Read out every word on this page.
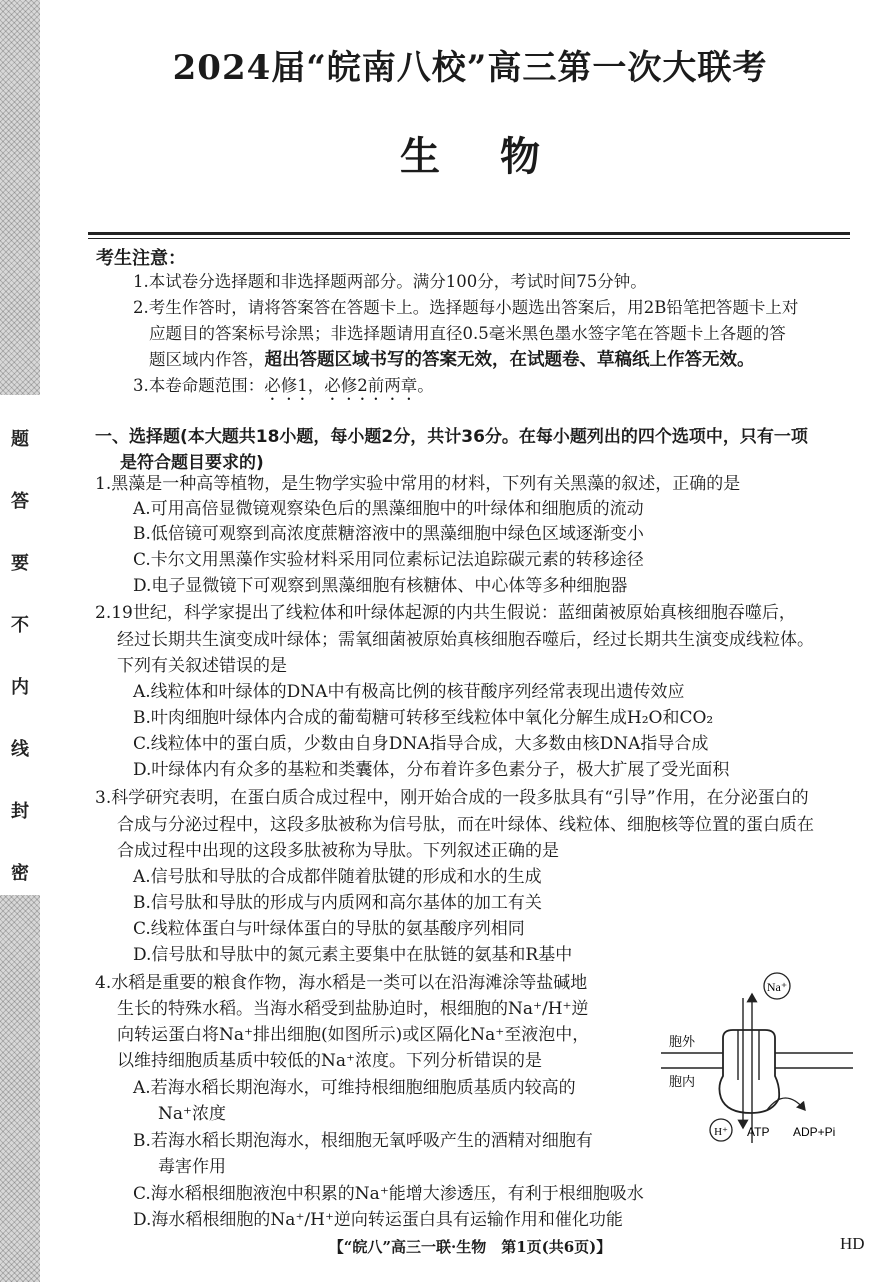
题
答
要
不
内
线
封
密
2024届“皖南八校”高三第一次大联考
生物
考生注意：
1.本试卷分选择题和非选择题两部分。满分100分，考试时间75分钟。
2.考生作答时，请将答案答在答题卡上。选择题每小题选出答案后，用2B铅笔把答题卡上对
应题目的答案标号涂黑；非选择题请用直径0.5毫米黑色墨水签字笔在答题卡上各题的答
题区域内作答，超出答题区域书写的答案无效，在试题卷、草稿纸上作答无效。
3.本卷命题范围：必修1，必修2前两章。
一、选择题(本大题共18小题，每小题2分，共计36分。在每小题列出的四个选项中，只有一项
是符合题目要求的)
1.黑藻是一种高等植物，是生物学实验中常用的材料，下列有关黑藻的叙述，正确的是
A.可用高倍显微镜观察染色后的黑藻细胞中的叶绿体和细胞质的流动
B.低倍镜可观察到高浓度蔗糖溶液中的黑藻细胞中绿色区域逐渐变小
C.卡尔文用黑藻作实验材料采用同位素标记法追踪碳元素的转移途径
D.电子显微镜下可观察到黑藻细胞有核糖体、中心体等多种细胞器
2.19世纪，科学家提出了线粒体和叶绿体起源的内共生假说：蓝细菌被原始真核细胞吞噬后，
经过长期共生演变成叶绿体；需氧细菌被原始真核细胞吞噬后，经过长期共生演变成线粒体。
下列有关叙述错误的是
A.线粒体和叶绿体的DNA中有极高比例的核苷酸序列经常表现出遗传效应
B.叶肉细胞叶绿体内合成的葡萄糖可转移至线粒体中氧化分解生成H₂O和CO₂
C.线粒体中的蛋白质，少数由自身DNA指导合成，大多数由核DNA指导合成
D.叶绿体内有众多的基粒和类囊体，分布着许多色素分子，极大扩展了受光面积
3.科学研究表明，在蛋白质合成过程中，刚开始合成的一段多肽具有“引导”作用，在分泌蛋白的
合成与分泌过程中，这段多肽被称为信号肽，而在叶绿体、线粒体、细胞核等位置的蛋白质在
合成过程中出现的这段多肽被称为导肽。下列叙述正确的是
A.信号肽和导肽的合成都伴随着肽键的形成和水的生成
B.信号肽和导肽的形成与内质网和高尔基体的加工有关
C.线粒体蛋白与叶绿体蛋白的导肽的氨基酸序列相同
D.信号肽和导肽中的氮元素主要集中在肽链的氨基和R基中
4.水稻是重要的粮食作物，海水稻是一类可以在沿海滩涂等盐碱地
生长的特殊水稻。当海水稻受到盐胁迫时，根细胞的Na⁺/H⁺逆
向转运蛋白将Na⁺排出细胞(如图所示)或区隔化Na⁺至液泡中，
以维持细胞质基质中较低的Na⁺浓度。下列分析错误的是
A.若海水稻长期泡海水，可维持根细胞细胞质基质内较高的
Na⁺浓度
B.若海水稻长期泡海水，根细胞无氧呼吸产生的酒精对细胞有
毒害作用
C.海水稻根细胞液泡中积累的Na⁺能增大渗透压，有利于根细胞吸水
D.海水稻根细胞的Na⁺/H⁺逆向转运蛋白具有运输作用和催化功能
Na⁺
胞外
胞内
H⁺ ATP ADP+Pi
【“皖八”高三一联·生物　第1页(共6页)】	HD
